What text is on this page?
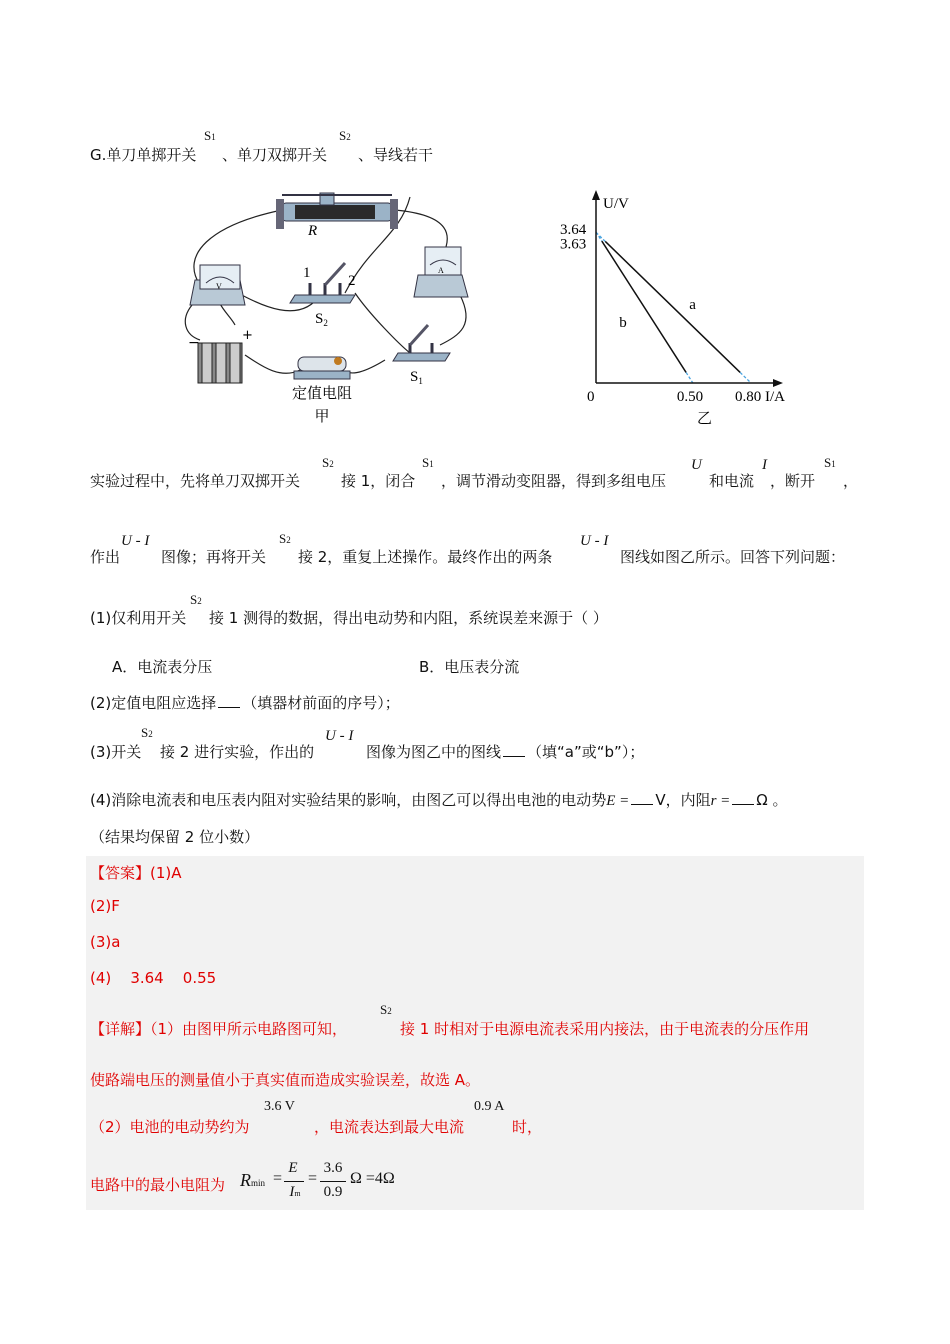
G.单刀单掷开关
S1
、单刀双掷开关
S2
、导线若干
R
V
A
1	2
$S_2$
−	+
定值电阻
甲
$S_1$
a
b
3.64
3.63
0.50 0.80
U/V
I/A
0
乙
实验过程中，先将单刀双掷开关
S2
接 1，闭合
S1
，调节滑动变阻器，得到多组电压
U
和电流
I
，断开
S1
，
作出
U - I
图像；再将开关
S2
接 2，重复上述操作。最终作出的两条
U - I
图线如图乙所示。回答下列问题：
(1)仅利用开关
S2
接 1 测得的数据，得出电动势和内阻，系统误差来源于（ ）
A．电流表分压	B．电压表分流
(2)定值电阻应选择 （填器材前面的序号）；
(3)开关
S2
接 2 进行实验，作出的
U - I
图像为图乙中的图线 （填“a”或“b”）；
(4)消除电流表和电压表内阻对实验结果的影响，由图乙可以得出电池的电动势E = V，内阻r = Ω 。
（结果均保留 2 位小数）
【答案】(1)A
(2)F
(3)a
(4)    3.64    0.55
【详解】（1）由图甲所示电路图可知，
S2
接 1 时相对于电源电流表采用内接法，由于电流表的分压作用
使路端电压的测量值小于真实值而造成实验误差，故选 A。
（2）电池的电动势约为
3.6 V
，电流表达到最大电流
0.9 A
时，
电路中的最小电阻为 Rmin =
E
Im
=
3.6
0.9
Ω =4Ω
